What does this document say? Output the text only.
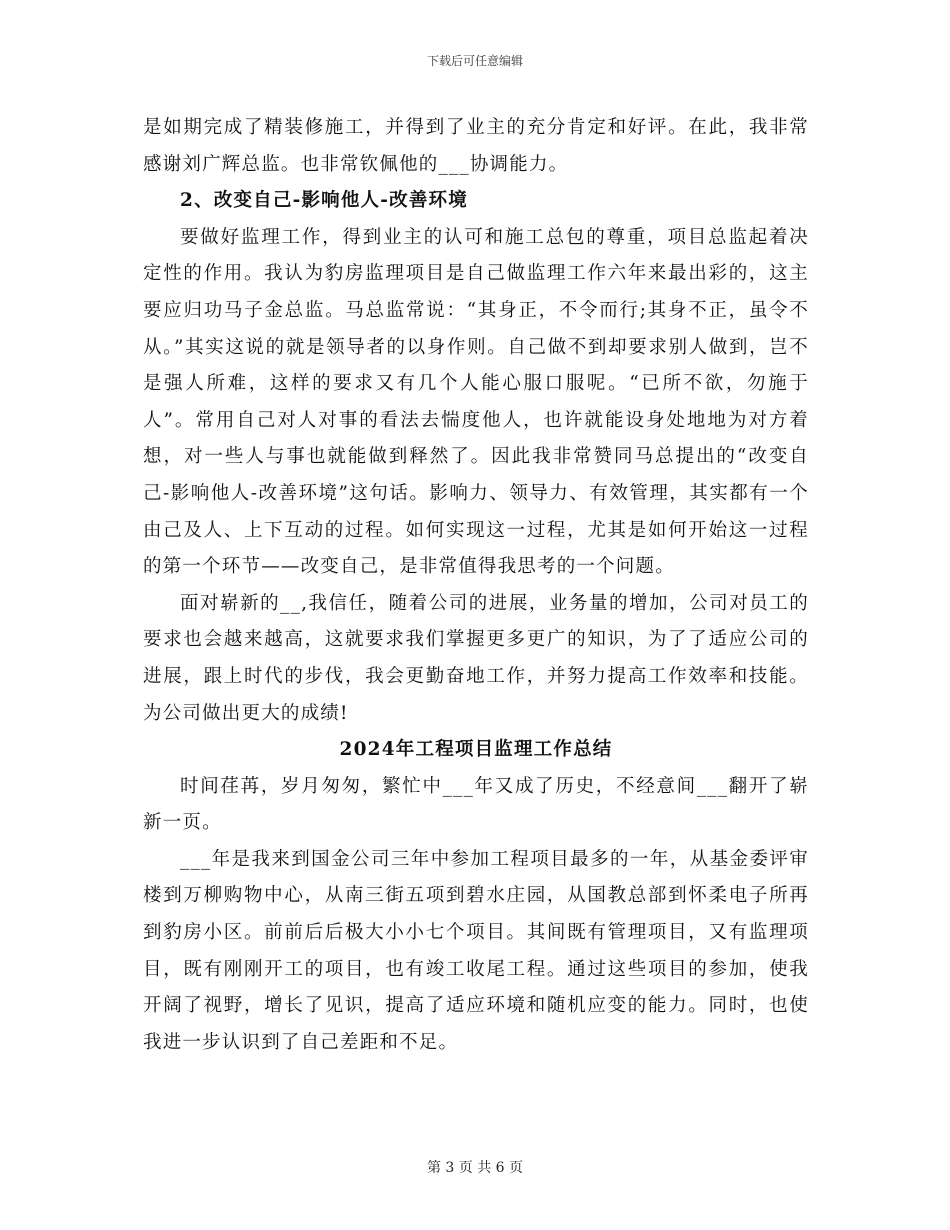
下载后可任意编辑

是如期完成了精装修施工，并得到了业主的充分肯定和好评。在此，我非常感谢刘广辉总监。也非常钦佩他的___协调能力。

2、改变自己-影响他人-改善环境

要做好监理工作，得到业主的认可和施工总包的尊重，项目总监起着决定性的作用。我认为豹房监理项目是自己做监理工作六年来最出彩的，这主要应归功马子金总监。马总监常说：“其身正，不令而行;其身不正，虽令不从。”其实这说的就是领导者的以身作则。自己做不到却要求别人做到，岂不是强人所难，这样的要求又有几个人能心服口服呢。“已所不欲，勿施于人”。常用自己对人对事的看法去惴度他人，也许就能设身处地地为对方着想，对一些人与事也就能做到释然了。因此我非常赞同马总提出的“改变自己-影响他人-改善环境”这句话。影响力、领导力、有效管理，其实都有一个由己及人、上下互动的过程。如何实现这一过程，尤其是如何开始这一过程的第一个环节——改变自己，是非常值得我思考的一个问题。

面对崭新的__,我信任，随着公司的进展，业务量的增加，公司对员工的要求也会越来越高，这就要求我们掌握更多更广的知识，为了了适应公司的进展，跟上时代的步伐，我会更勤奋地工作，并努力提高工作效率和技能。为公司做出更大的成绩!

2024年工程项目监理工作总结

时间荏苒，岁月匆匆，繁忙中___年又成了历史，不经意间___翻开了崭新一页。

___年是我来到国金公司三年中参加工程项目最多的一年，从基金委评审楼到万柳购物中心，从南三街五项到碧水庄园，从国教总部到怀柔电子所再到豹房小区。前前后后极大小小七个项目。其间既有管理项目，又有监理项目，既有刚刚开工的项目，也有竣工收尾工程。通过这些项目的参加，使我开阔了视野，增长了见识，提高了适应环境和随机应变的能力。同时，也使我进一步认识到了自己差距和不足。

第 3 页 共 6 页
